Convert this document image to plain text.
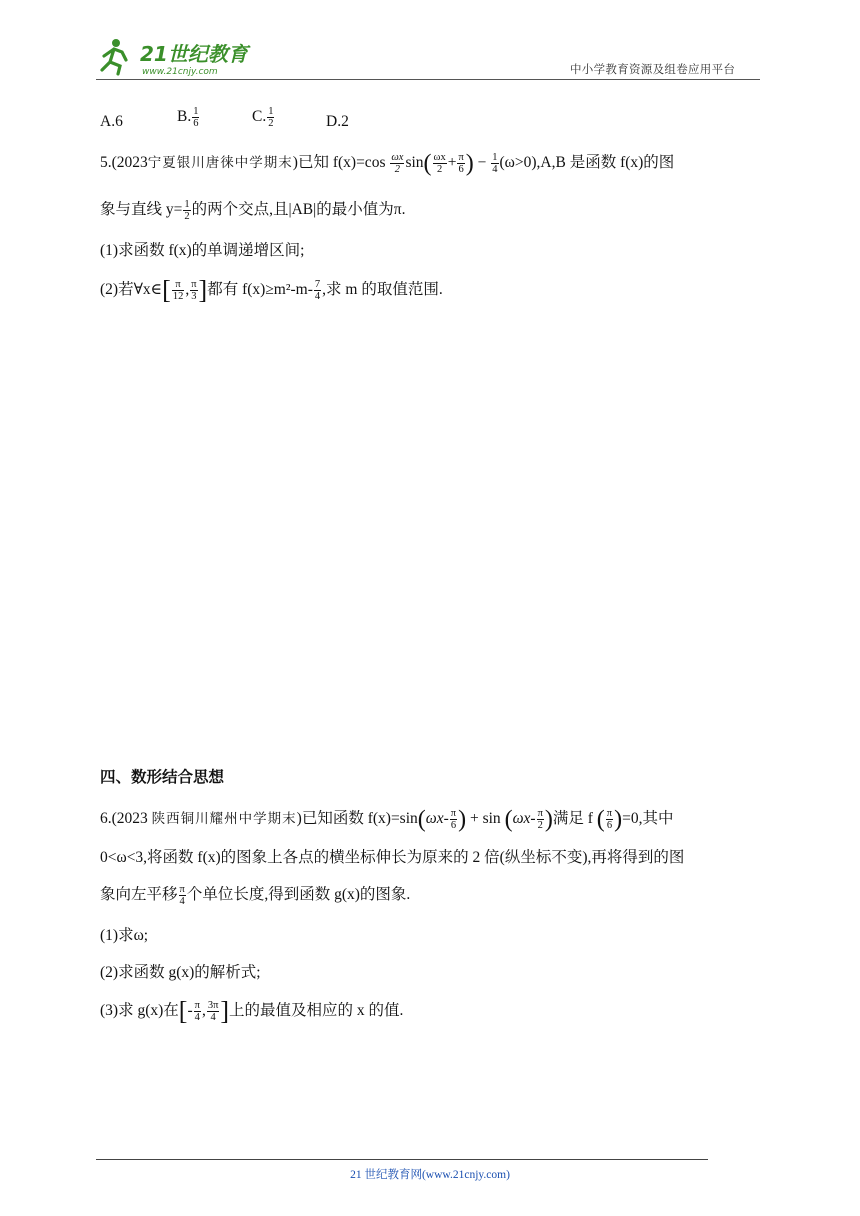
21世纪教育
www.21cnjy.com	中小学教育资源及组卷应用平台
A.6	B. $\frac{1}{6}$	C. $\frac{1}{2}$	D.2
5.(2023宁夏银川唐徕中学期末)已知 $f(x)=\cos \frac{\omega x}{2} \sin( \frac{\omega x}{2} + \frac{\pi}{6}$ ) − $\frac{1}{4} (\omega>0),A,B$ 是函数 f(x)的图
象与直线 $y= \frac{1}{2}$ 的两个交点,且|AB|的最小值为π.
(1)求函数 f(x)的单调递增区间;
(2)若∀x∈[ $\frac{\pi}{12}$ , $\frac{\pi}{3}$ ]都有 $f(x)\ge m^2-m- \frac{7}{4}$ ,求 m 的取值范围.
四、数形结合思想
6.(2023 陕西铜川耀州中学期末)已知函数 $f(x)=\sin(\omega x- \frac{\pi}{6}$ ) + $\sin (\omega x- \frac{\pi}{2}$ )满足 f ( $\frac{\pi}{6} )=0$,其中
0<ω<3,将函数 f(x)的图象上各点的横坐标伸长为原来的 2 倍(纵坐标不变),再将得到的图
象向左平移 $\frac{\pi}{4}$ 个单位长度,得到函数 g(x)的图象.
(1)求ω;
(2)求函数 g(x)的解析式;
(3)求 g(x)在[- $\frac{\pi}{4}$ , $\frac{3\pi}{4}$ ]上的最值及相应的 x 的值.
21 世纪教育网(www.21cnjy.com)
